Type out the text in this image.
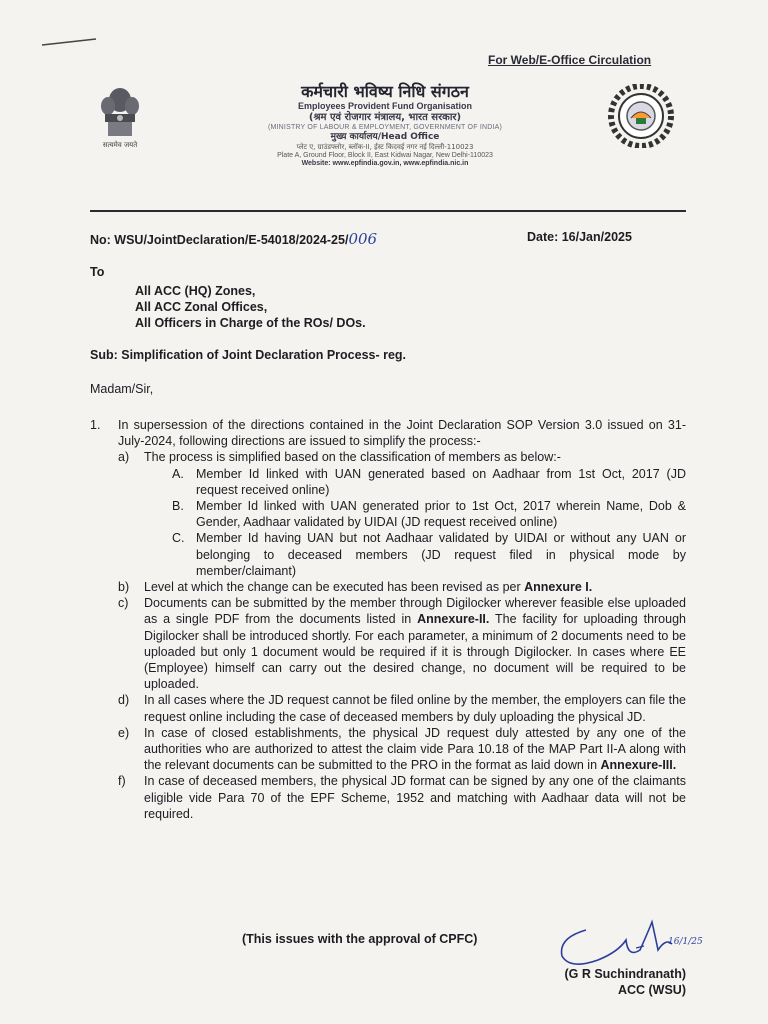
For Web/E-Office Circulation
सत्यमेव जयते
कर्मचारी भविष्य निधि संगठन
Employees Provident Fund Organisation
(श्रम एवं रोजगार मंत्रालय, भारत सरकार)
(MINISTRY OF LABOUR & EMPLOYMENT, GOVERNMENT OF INDIA)
मुख्य कार्यालय/Head Office
प्लेट ए, ग्राउंडफ्लोर, ब्लॉक-II, ईस्ट किदवई नगर नई दिल्ली-110023
Plate A, Ground Floor, Block II, East Kidwai Nagar, New Delhi-110023
Website: www.epfindia.gov.in, www.epfindia.nic.in
No: WSU/JointDeclaration/E-54018/2024-25/006	Date: 16/Jan/2025
To
All ACC (HQ) Zones,
All ACC Zonal Offices,
All Officers in Charge of the ROs/ DOs.
Sub: Simplification of Joint Declaration Process- reg.
Madam/Sir,
1.	In supersession of the directions contained in the Joint Declaration SOP Version 3.0 issued on 31-July-2024, following directions are issued to simplify the process:-
a)	The process is simplified based on the classification of members as below:-
A. Member Id linked with UAN generated based on Aadhaar from 1st Oct, 2017 (JD request received online)
B. Member Id linked with UAN generated prior to 1st Oct, 2017 wherein Name, Dob & Gender, Aadhaar validated by UIDAI (JD request received online)
C. Member Id having UAN but not Aadhaar validated by UIDAI or without any UAN or belonging to deceased members (JD request filed in physical mode by member/claimant)
b)	Level at which the change can be executed has been revised as per Annexure I.
c)	Documents can be submitted by the member through Digilocker wherever feasible else uploaded as a single PDF from the documents listed in Annexure-II. The facility for uploading through Digilocker shall be introduced shortly. For each parameter, a minimum of 2 documents need to be uploaded but only 1 document would be required if it is through Digilocker. In cases where EE (Employee) himself can carry out the desired change, no document will be required to be uploaded.
d)	In all cases where the JD request cannot be filed online by the member, the employers can file the request online including the case of deceased members by duly uploading the physical JD.
e)	In case of closed establishments, the physical JD request duly attested by any one of the authorities who are authorized to attest the claim vide Para 10.18 of the MAP Part II-A along with the relevant documents can be submitted to the PRO in the format as laid down in Annexure-III.
f)	In case of deceased members, the physical JD format can be signed by any one of the claimants eligible vide Para 70 of the EPF Scheme, 1952 and matching with Aadhaar data will not be required.
(This issues with the approval of CPFC)	16/1/25
(G R Suchindranath)
ACC (WSU)
